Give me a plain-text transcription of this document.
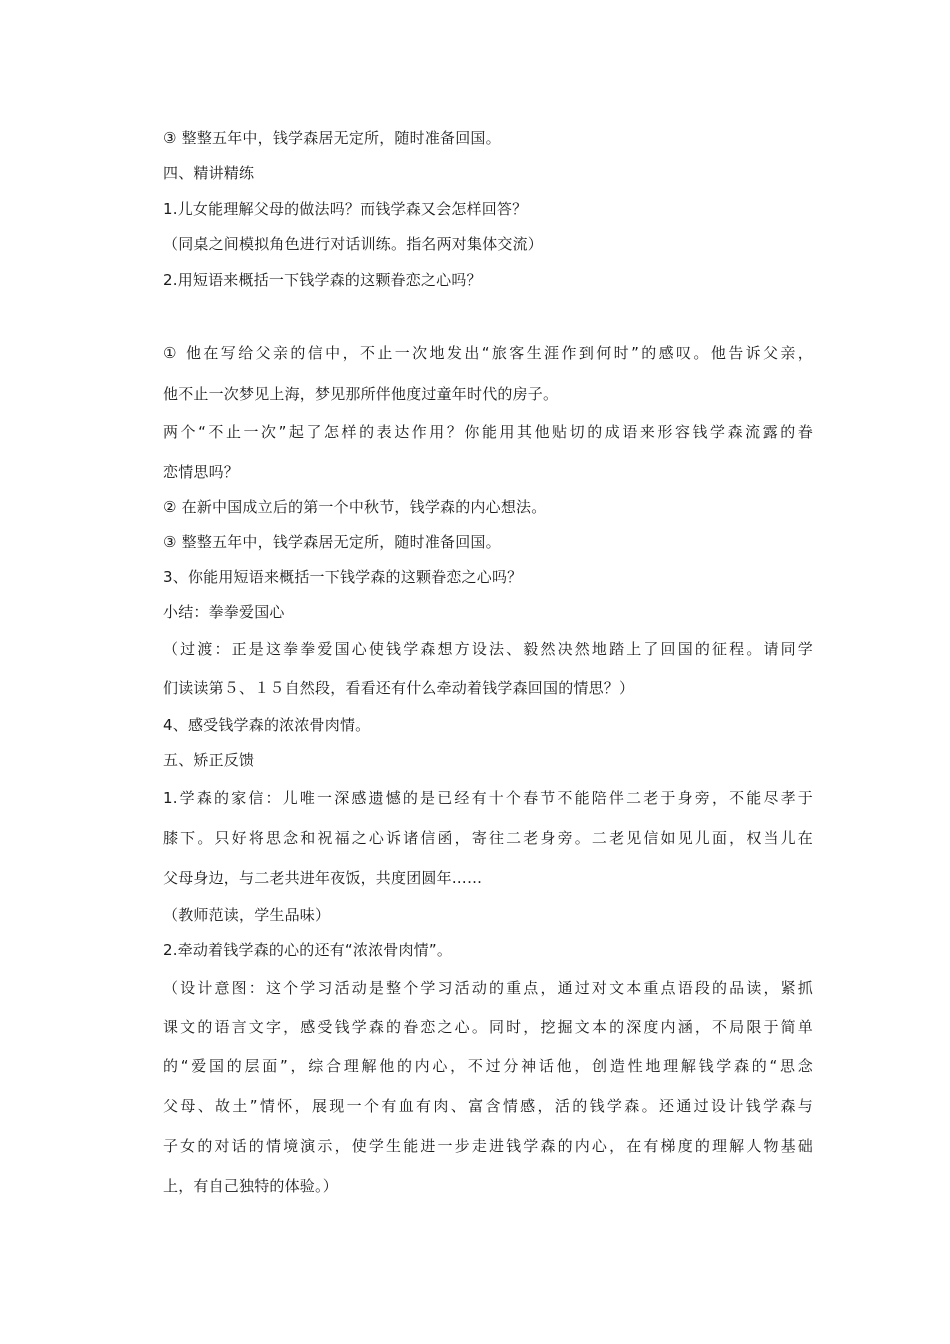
③ 整整五年中，钱学森居无定所，随时准备回国。
四、精讲精练
1.儿女能理解父母的做法吗？而钱学森又会怎样回答？
（同桌之间模拟角色进行对话训练。指名两对集体交流）
2.用短语来概括一下钱学森的这颗眷恋之心吗？
① 他在写给父亲的信中，不止一次地发出“旅客生涯作到何时”的感叹。他告诉父亲，
他不止一次梦见上海，梦见那所伴他度过童年时代的房子。
两个“不止一次”起了怎样的表达作用？你能用其他贴切的成语来形容钱学森流露的眷
恋情思吗？
② 在新中国成立后的第一个中秋节，钱学森的内心想法。
③ 整整五年中，钱学森居无定所，随时准备回国。
3、你能用短语来概括一下钱学森的这颗眷恋之心吗？
小结：拳拳爱国心
（过渡：正是这拳拳爱国心使钱学森想方设法、毅然决然地踏上了回国的征程。请同学
们读读第５、１５自然段，看看还有什么牵动着钱学森回国的情思？）
4、感受钱学森的浓浓骨肉情。
五、矫正反馈
1.学森的家信：儿唯一深感遗憾的是已经有十个春节不能陪伴二老于身旁，不能尽孝于
膝下。只好将思念和祝福之心诉诸信函，寄往二老身旁。二老见信如见儿面，权当儿在
父母身边，与二老共进年夜饭，共度团圆年……
（教师范读，学生品味）
2.牵动着钱学森的心的还有“浓浓骨肉情”。
（设计意图：这个学习活动是整个学习活动的重点，通过对文本重点语段的品读，紧抓
课文的语言文字，感受钱学森的眷恋之心。同时，挖掘文本的深度内涵，不局限于简单
的“爱国的层面”，综合理解他的内心，不过分神话他，创造性地理解钱学森的“思念
父母、故土”情怀，展现一个有血有肉、富含情感，活的钱学森。还通过设计钱学森与
子女的对话的情境演示，使学生能进一步走进钱学森的内心，在有梯度的理解人物基础
上，有自己独特的体验。）
